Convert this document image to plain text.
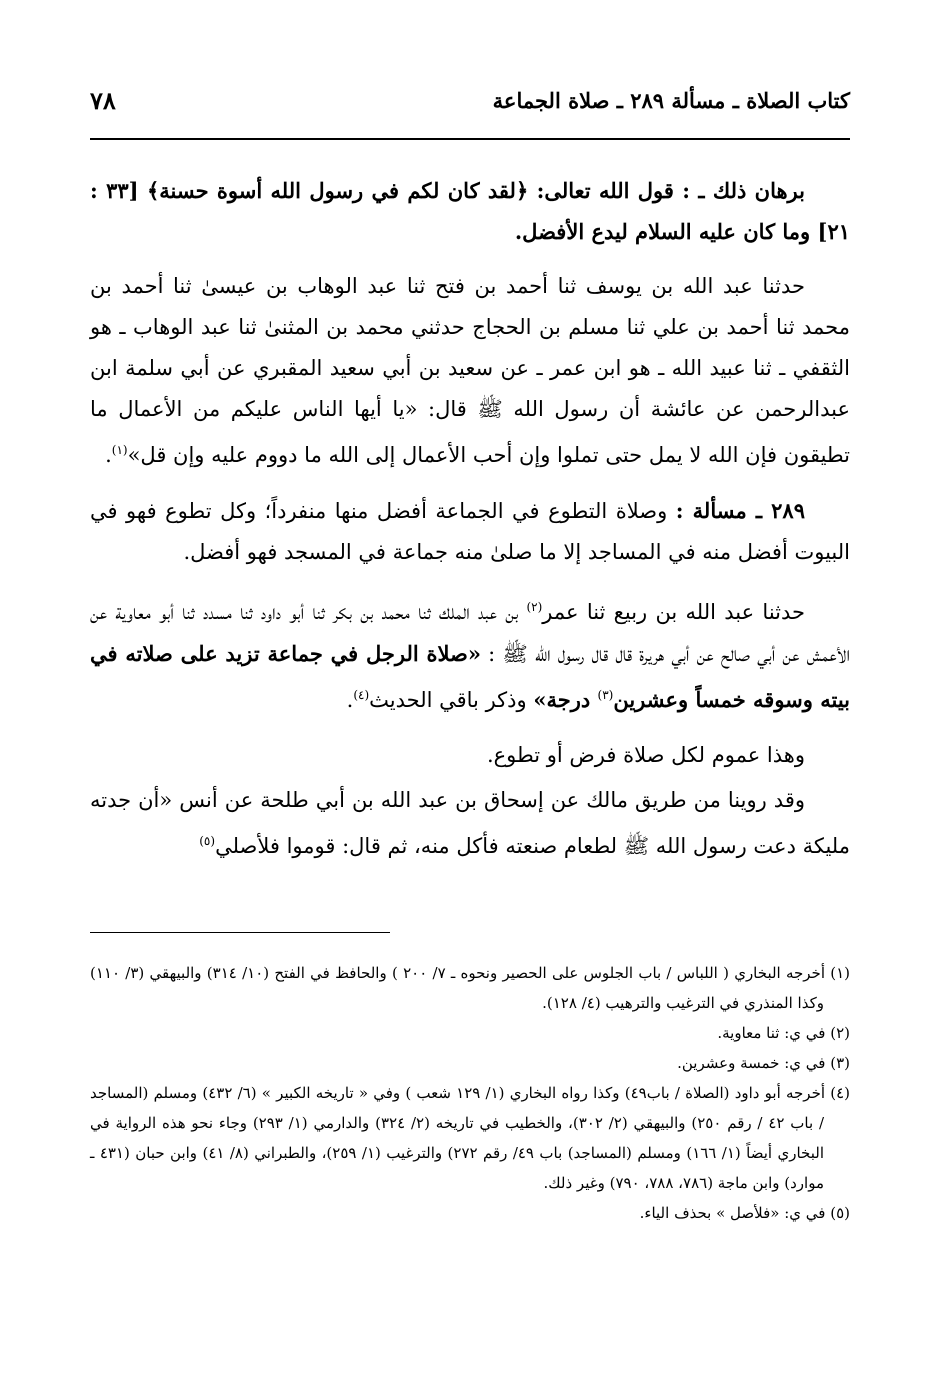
كتاب الصلاة ـ مسألة ٢٨٩ ـ صلاة الجماعة
٧٨

برهان ذلك ـ : قول الله تعالى: ﴿لقد كان لكم في رسول الله أسوة حسنة﴾ [٣٣ : ٢١] وما كان عليه السلام ليدع الأفضل.

حدثنا عبد الله بن يوسف ثنا أحمد بن فتح ثنا عبد الوهاب بن عيسىٰ ثنا أحمد بن محمد ثنا أحمد بن علي ثنا مسلم بن الحجاج حدثني محمد بن المثنىٰ ثنا عبد الوهاب ـ هو الثقفي ـ ثنا عبيد الله ـ هو ابن عمر ـ عن سعيد بن أبي سعيد المقبري عن أبي سلمة ابن عبدالرحمن عن عائشة أن رسول الله ﷺ قال: «يا أيها الناس عليكم من الأعمال ما تطيقون فإن الله لا يمل حتى تملوا وإن أحب الأعمال إلى الله ما دووم عليه وإن قل»$^{(١)}$.

٢٨٩ ـ مسألة : وصلاة التطوع في الجماعة أفضل منها منفرداً؛ وكل تطوع فهو في البيوت أفضل منه في المساجد إلا ما صلىٰ منه جماعة في المسجد فهو أفضل.

حدثنا عبد الله بن ربيع ثنا عمر$^{(٢)}$ بن عبد الملك ثنا محمد بن بكر ثنا أبو داود ثنا مسدد ثنا أبو معاوية عن الأعمش عن أبي صالح عن أبي هريرة قال قال رسول الله ﷺ : «صلاة الرجل في جماعة تزيد على صلاته في بيته وسوقه خمساً وعشرين$^{(٣)}$ درجة» وذكر باقي الحديث$^{(٤)}$.

وهذا عموم لكل صلاة فرض أو تطوع.

وقد روينا من طريق مالك عن إسحاق بن عبد الله بن أبي طلحة عن أنس «أن جدته مليكة دعت رسول الله ﷺ لطعام صنعته فأكل منه، ثم قال: قوموا فلأصلي$^{(٥)}$

(١) أخرجه البخاري ( اللباس / باب الجلوس على الحصير ونحوه ـ ٧/ ٢٠٠ ) والحافظ في الفتح (١٠/ ٣١٤) والبيهقي (٣/ ١١٠) وكذا المنذري في الترغيب والترهيب (٤/ ١٢٨).

(٢) في ي: ثنا معاوية.

(٣) في ي: خمسة وعشرين.

(٤) أخرجه أبو داود (الصلاة / باب٤٩) وكذا رواه البخاري (١/ ١٢٩ شعب ) وفي « تاريخه الكبير » (٦/ ٤٣٢) ومسلم (المساجد / باب ٤٢ / رقم ٢٥٠) والبيهقي (٢/ ٣٠٢)، والخطيب في تاريخه (٢/ ٣٢٤) والدارمي (١/ ٢٩٣) وجاء نحو هذه الرواية في البخاري أيضاً (١/ ١٦٦) ومسلم (المساجد) باب ٤٩/ رقم ٢٧٢) والترغيب (١/ ٢٥٩)، والطبراني (٨/ ٤١) وابن حبان (٤٣١ ـ موارد) وابن ماجة (٧٨٦، ٧٨٨، ٧٩٠) وغير ذلك.

(٥) في ي: «فلأصل » بحذف الياء.
